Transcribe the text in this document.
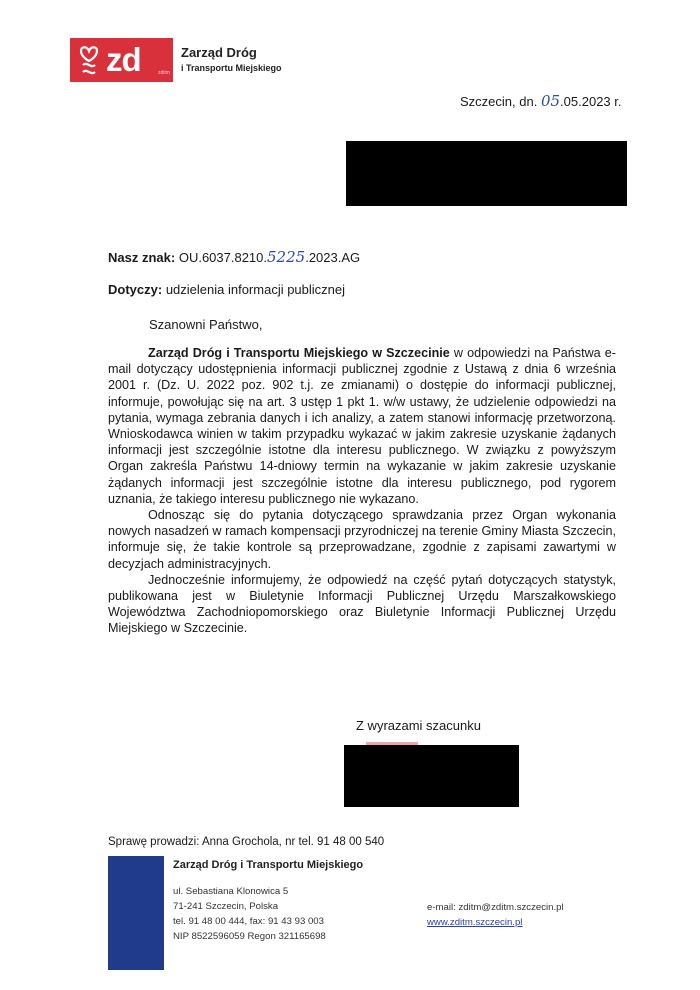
zd	zditm
Zarząd Dróg
i Transportu Miejskiego
Szczecin, dn. 05.05.2023 r.
Nasz znak: OU.6037.8210.5225.2023.AG
Dotyczy: udzielenia informacji publicznej
Szanowni Państwo,

Zarząd Dróg i Transportu Miejskiego w Szczecinie w odpowiedzi na Państwa e-mail dotyczący udostępnienia informacji publicznej zgodnie z Ustawą z dnia 6 września 2001 r. (Dz. U. 2022 poz. 902 t.j. ze zmianami) o dostępie do informacji publicznej, informuje, powołując się na art. 3 ustęp 1 pkt 1. w/w ustawy, że udzielenie odpowiedzi na pytania, wymaga zebrania danych i ich analizy, a zatem stanowi informację przetworzoną. Wnioskodawca winien w takim przypadku wykazać w jakim zakresie uzyskanie żądanych informacji jest szczególnie istotne dla interesu publicznego. W związku z powyższym Organ zakreśla Państwu 14-dniowy termin na wykazanie w jakim zakresie uzyskanie żądanych informacji jest szczególnie istotne dla interesu publicznego, pod rygorem uznania, że takiego interesu publicznego nie wykazano.

Odnosząc się do pytania dotyczącego sprawdzania przez Organ wykonania nowych nasadzeń w ramach kompensacji przyrodniczej na terenie Gminy Miasta Szczecin, informuje się, że takie kontrole są przeprowadzane, zgodnie z zapisami zawartymi w decyzjach administracyjnych.

Jednocześnie informujemy, że odpowiedź na część pytań dotyczących statystyk, publikowana jest w Biuletynie Informacji Publicznej Urzędu Marszałkowskiego Województwa Zachodniopomorskiego oraz Biuletynie Informacji Publicznej Urzędu Miejskiego w Szczecinie.

Z wyrazami szacunku
Sprawę prowadzi: Anna Grochola, nr tel. 91 48 00 540
Zarząd Dróg i Transportu Miejskiego
ul. Sebastiana Klonowica 5
71-241 Szczecin, Polska
tel. 91 48 00 444, fax: 91 43 93 003
NIP 8522596059 Regon 321165698
e-mail: zditm@zditm.szczecin.pl
www.zditm.szczecin.pl
